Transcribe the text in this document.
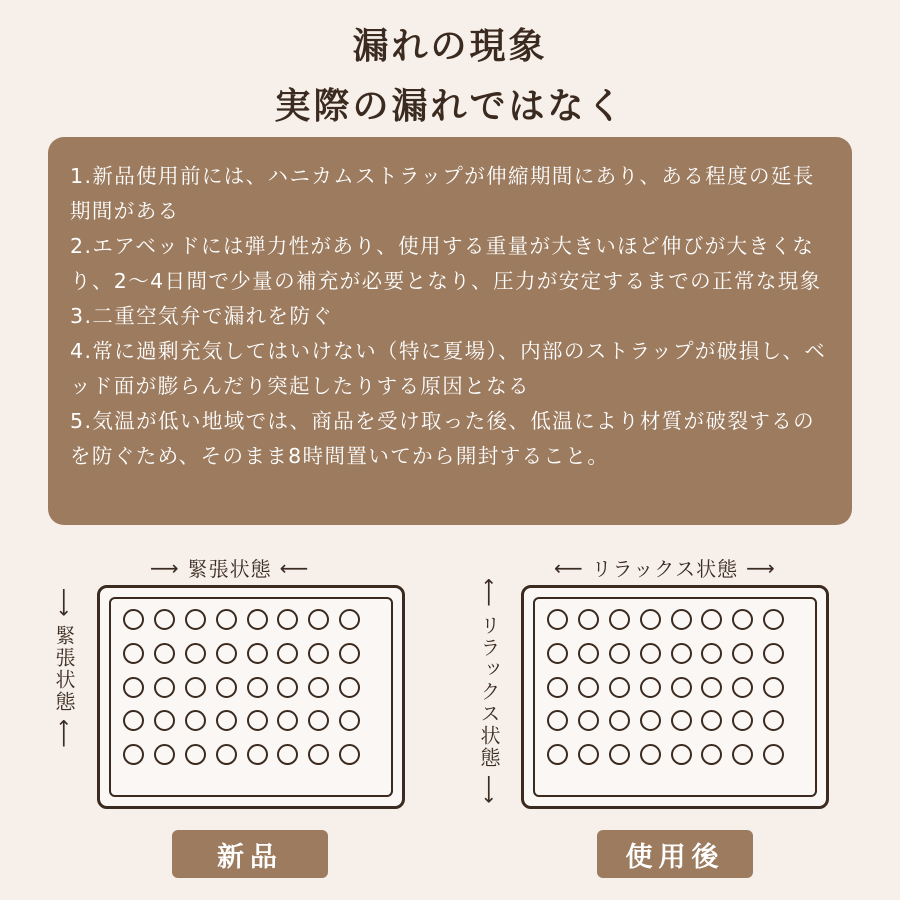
漏れの現象
実際の漏れではなく

1.新品使用前には、ハニカムストラップが伸縮期間にあり、ある程度の延長期間がある

2.エアベッドには弾力性があり、使用する重量が大きいほど伸びが大きくなり、2～4日間で少量の補充が必要となり、圧力が安定するまでの正常な現象

3.二重空気弁で漏れを防ぐ

4.常に過剰充気してはいけない（特に夏場）、内部のストラップが破損し、ベッド面が膨らんだり突起したりする原因となる

5.気温が低い地域では、商品を受け取った後、低温により材質が破裂するのを防ぐため、そのまま8時間置いてから開封すること。

⟶ 緊張状態 ⟵
⟶
緊張状態
⟵
新品
⟵ リラックス状態 ⟶
⟵
リラックス状態
⟶
使用後
